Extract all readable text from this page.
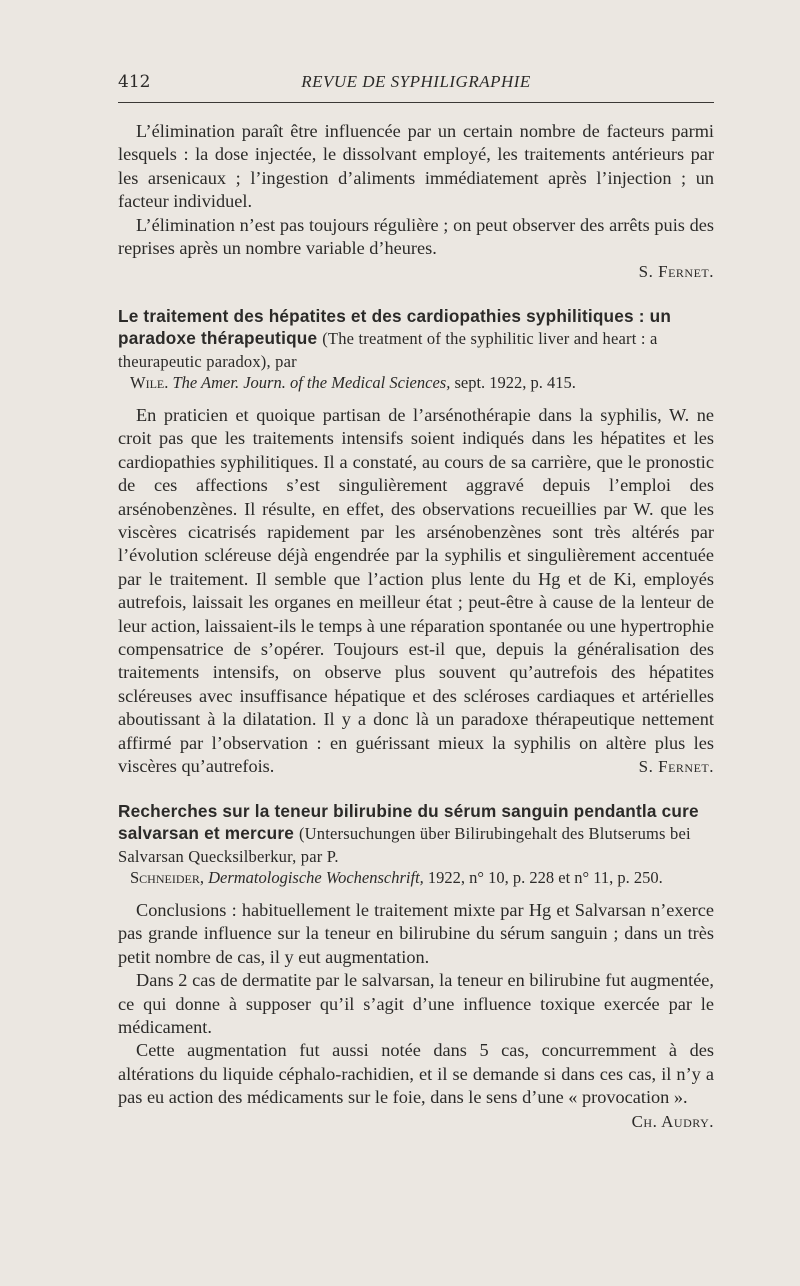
412	REVUE DE SYPHILIGRAPHIE

L’élimination paraît être influencée par un certain nombre de facteurs parmi lesquels : la dose injectée, le dissolvant employé, les traitements antérieurs par les arsenicaux ; l’ingestion d’aliments immédiatement après l’injection ; un facteur individuel.

L’élimination n’est pas toujours régulière ; on peut observer des arrêts puis des reprises après un nombre variable d’heures.

S. Fernet.

Le traitement des hépatites et des cardiopathies syphilitiques : un paradoxe thérapeutique (The treatment of the syphilitic liver and heart : a theurapeutic paradox), par

Wile. The Amer. Journ. of the Medical Sciences, sept. 1922, p. 415.

En praticien et quoique partisan de l’arsénothérapie dans la syphilis, W. ne croit pas que les traitements intensifs soient indiqués dans les hépatites et les cardiopathies syphilitiques. Il a constaté, au cours de sa carrière, que le pronostic de ces affections s’est singulièrement aggravé depuis l’emploi des arsénobenzènes. Il résulte, en effet, des observations recueillies par W. que les viscères cicatrisés rapidement par les arsénobenzènes sont très altérés par l’évolution scléreuse déjà engendrée par la syphilis et singulièrement accentuée par le traitement. Il semble que l’action plus lente du Hg et de Ki, employés autrefois, laissait les organes en meilleur état ; peut-être à cause de la lenteur de leur action, laissaient-ils le temps à une réparation spontanée ou une hypertrophie compensatrice de s’opérer. Toujours est-il que, depuis la généralisation des traitements intensifs, on observe plus souvent qu’autrefois des hépatites scléreuses avec insuffisance hépatique et des scléroses cardiaques et artérielles aboutissant à la dilatation. Il y a donc là un paradoxe thérapeutique nettement affirmé par l’observation : en guérissant mieux la syphilis on altère plus les viscères qu’autrefois.	S. Fernet.

Recherches sur la teneur bilirubine du sérum sanguin pendantla cure salvarsan et mercure (Untersuchungen über Bilirubingehalt des Blutserums bei Salvarsan Quecksilberkur, par P.

Schneider, Dermatologische Wochenschrift, 1922, n° 10, p. 228 et n° 11, p. 250.

Conclusions : habituellement le traitement mixte par Hg et Salvarsan n’exerce pas grande influence sur la teneur en bilirubine du sérum sanguin ; dans un très petit nombre de cas, il y eut augmentation.

Dans 2 cas de dermatite par le salvarsan, la teneur en bilirubine fut augmentée, ce qui donne à supposer qu’il s’agit d’une influence toxique exercée par le médicament.

Cette augmentation fut aussi notée dans 5 cas, concurremment à des altérations du liquide céphalo-rachidien, et il se demande si dans ces cas, il n’y a pas eu action des médicaments sur le foie, dans le sens d’une « provocation ».

Ch. Audry.
